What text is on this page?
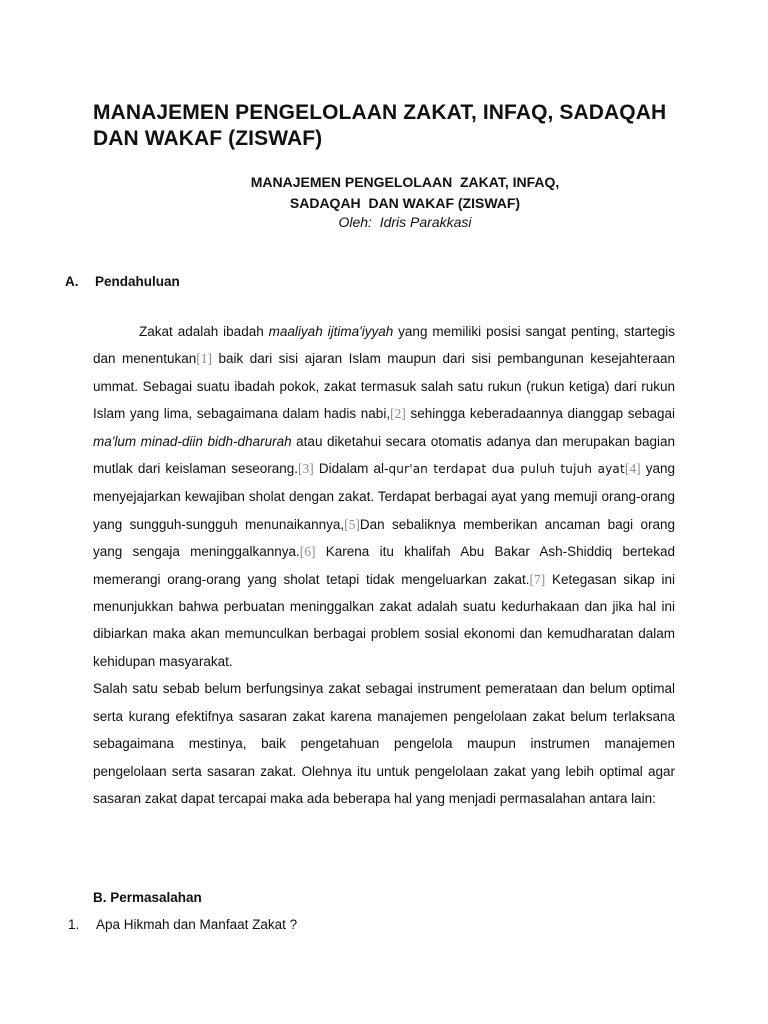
MANAJEMEN PENGELOLAAN ZAKAT, INFAQ, SADAQAH DAN WAKAF (ZISWAF)
MANAJEMEN PENGELOLAAN  ZAKAT, INFAQ,
SADAQAH  DAN WAKAF (ZISWAF)
Oleh:  Idris Parakkasi
A. Pendahuluan

Zakat adalah ibadah maaliyah ijtima'iyyah yang memiliki posisi sangat penting, startegis dan menentukan[1] baik dari sisi ajaran Islam maupun dari sisi pembangunan kesejahteraan ummat. Sebagai suatu ibadah pokok, zakat termasuk salah satu rukun (rukun ketiga) dari rukun Islam yang lima, sebagaimana dalam hadis nabi,[2] sehingga keberadaannya dianggap sebagai ma'lum minad-diin bidh-dharurah atau diketahui secara otomatis adanya dan merupakan bagian mutlak dari keislaman seseorang.[3] Didalam al-qur'an terdapat dua puluh tujuh ayat[4] yang menyejajarkan kewajiban sholat dengan zakat. Terdapat berbagai ayat yang memuji orang-orang yang sungguh-sungguh menunaikannya,[5]Dan sebaliknya memberikan ancaman bagi orang yang sengaja meninggalkannya.[6] Karena itu khalifah Abu Bakar Ash-Shiddiq bertekad memerangi orang-orang yang sholat tetapi tidak mengeluarkan zakat.[7] Ketegasan sikap ini menunjukkan bahwa perbuatan meninggalkan zakat adalah suatu kedurhakaan dan jika hal ini dibiarkan maka akan memunculkan berbagai problem sosial ekonomi dan kemudharatan dalam kehidupan masyarakat.

Salah satu sebab belum berfungsinya zakat sebagai instrument pemerataan dan belum optimal serta kurang efektifnya sasaran zakat karena manajemen pengelolaan zakat belum terlaksana sebagaimana mestinya, baik pengetahuan pengelola maupun instrumen manajemen pengelolaan serta sasaran zakat. Olehnya itu untuk pengelolaan zakat yang lebih optimal agar sasaran zakat dapat tercapai maka ada beberapa hal yang menjadi permasalahan antara lain:

B. Permasalahan
1. Apa Hikmah dan Manfaat Zakat ?
